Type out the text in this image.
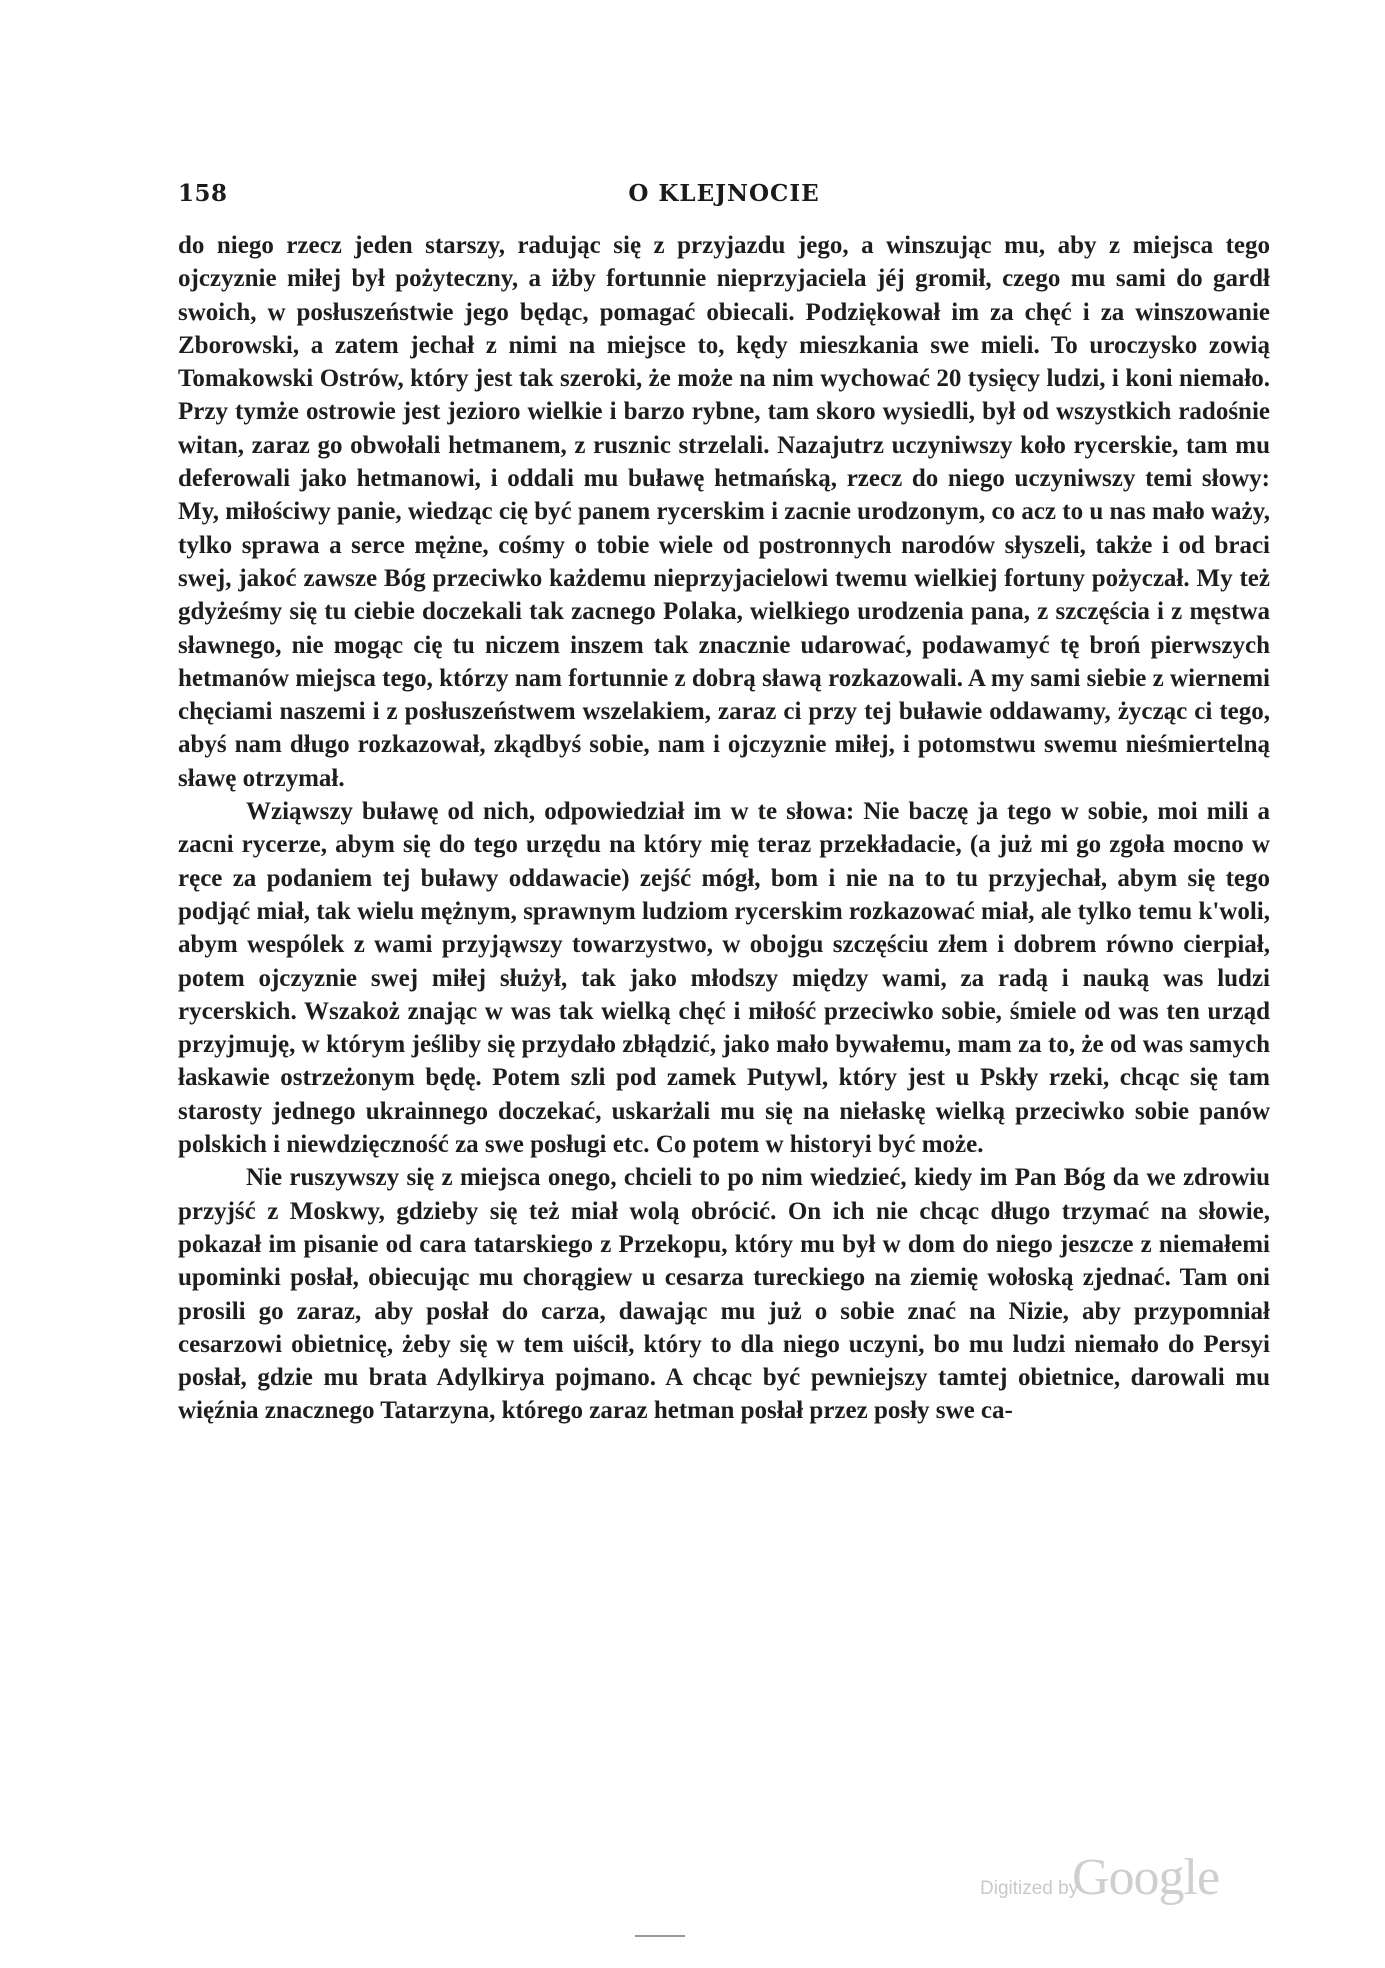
158	O KLEJNOCIE

do niego rzecz jeden starszy, radując się z przyjazdu jego, a winszując mu, aby z miejsca tego ojczyznie miłej był pożyteczny, a iżby fortunnie nieprzyjaciela jéj gromił, czego mu sami do gardł swoich, w posłuszeństwie jego będąc, pomagać obiecali. Podziękował im za chęć i za winszowanie Zborowski, a zatem jechał z nimi na miejsce to, kędy mieszkania swe mieli. To uroczysko zowią Tomakowski Ostrów, który jest tak szeroki, że może na nim wychować 20 tysięcy ludzi, i koni niemało. Przy tymże ostrowie jest jezioro wielkie i barzo rybne, tam skoro wysiedli, był od wszystkich radośnie witan, zaraz go obwołali hetmanem, z rusznic strzelali. Nazajutrz uczyniwszy koło rycerskie, tam mu deferowali jako hetmanowi, i oddali mu buławę hetmańską, rzecz do niego uczyniwszy temi słowy: My, miłościwy panie, wiedząc cię być panem rycerskim i zacnie urodzonym, co acz to u nas mało waży, tylko sprawa a serce mężne, cośmy o tobie wiele od postronnych narodów słyszeli, także i od braci swej, jakoć zawsze Bóg przeciwko każdemu nieprzyjacielowi twemu wielkiej fortuny pożyczał. My też gdyżeśmy się tu ciebie doczekali tak zacnego Polaka, wielkiego urodzenia pana, z szczęścia i z męstwa sławnego, nie mogąc cię tu niczem inszem tak znacznie udarować, podawamyć tę broń pierwszych hetmanów miejsca tego, którzy nam fortunnie z dobrą sławą rozkazowali. A my sami siebie z wiernemi chęciami naszemi i z posłuszeństwem wszelakiem, zaraz ci przy tej buławie oddawamy, życząc ci tego, abyś nam długo rozkazował, zkądbyś sobie, nam i ojczyznie miłej, i potomstwu swemu nieśmiertelną sławę otrzymał.

Wziąwszy buławę od nich, odpowiedział im w te słowa: Nie baczę ja tego w sobie, moi mili a zacni rycerze, abym się do tego urzędu na który mię teraz przekładacie, (a już mi go zgoła mocno w ręce za podaniem tej buławy oddawacie) zejść mógł, bom i nie na to tu przyjechał, abym się tego podjąć miał, tak wielu mężnym, sprawnym ludziom rycerskim rozkazować miał, ale tylko temu k'woli, abym wespólek z wami przyjąwszy towarzystwo, w obojgu szczęściu złem i dobrem równo cierpiał, potem ojczyznie swej miłej służył, tak jako młodszy między wami, za radą i nauką was ludzi rycerskich. Wszakoż znając w was tak wielką chęć i miłość przeciwko sobie, śmiele od was ten urząd przyjmuję, w którym jeśliby się przydało zbłądzić, jako mało bywałemu, mam za to, że od was samych łaskawie ostrzeżonym będę. Potem szli pod zamek Putywl, który jest u Pskły rzeki, chcąc się tam starosty jednego ukrainnego doczekać, uskarżali mu się na niełaskę wielką przeciwko sobie panów polskich i niewdzięczność za swe posługi etc. Co potem w historyi być może.

Nie ruszywszy się z miejsca onego, chcieli to po nim wiedzieć, kiedy im Pan Bóg da we zdrowiu przyjść z Moskwy, gdzieby się też miał wolą obrócić. On ich nie chcąc długo trzymać na słowie, pokazał im pisanie od cara tatarskiego z Przekopu, który mu był w dom do niego jeszcze z niemałemi upominki posłał, obiecując mu chorągiew u cesarza tureckiego na ziemię wołoską zjednać. Tam oni prosili go zaraz, aby posłał do carza, dawając mu już o sobie znać na Nizie, aby przypomniał cesarzowi obietnicę, żeby się w tem uiścił, który to dla niego uczyni, bo mu ludzi niemało do Persyi posłał, gdzie mu brata Adylkirya pojmano. A chcąc być pewniejszy tamtej obietnice, darowali mu więźnia znacznego Tatarzyna, którego zaraz hetman posłał przez posły swe ca-

Digitized by
Google
